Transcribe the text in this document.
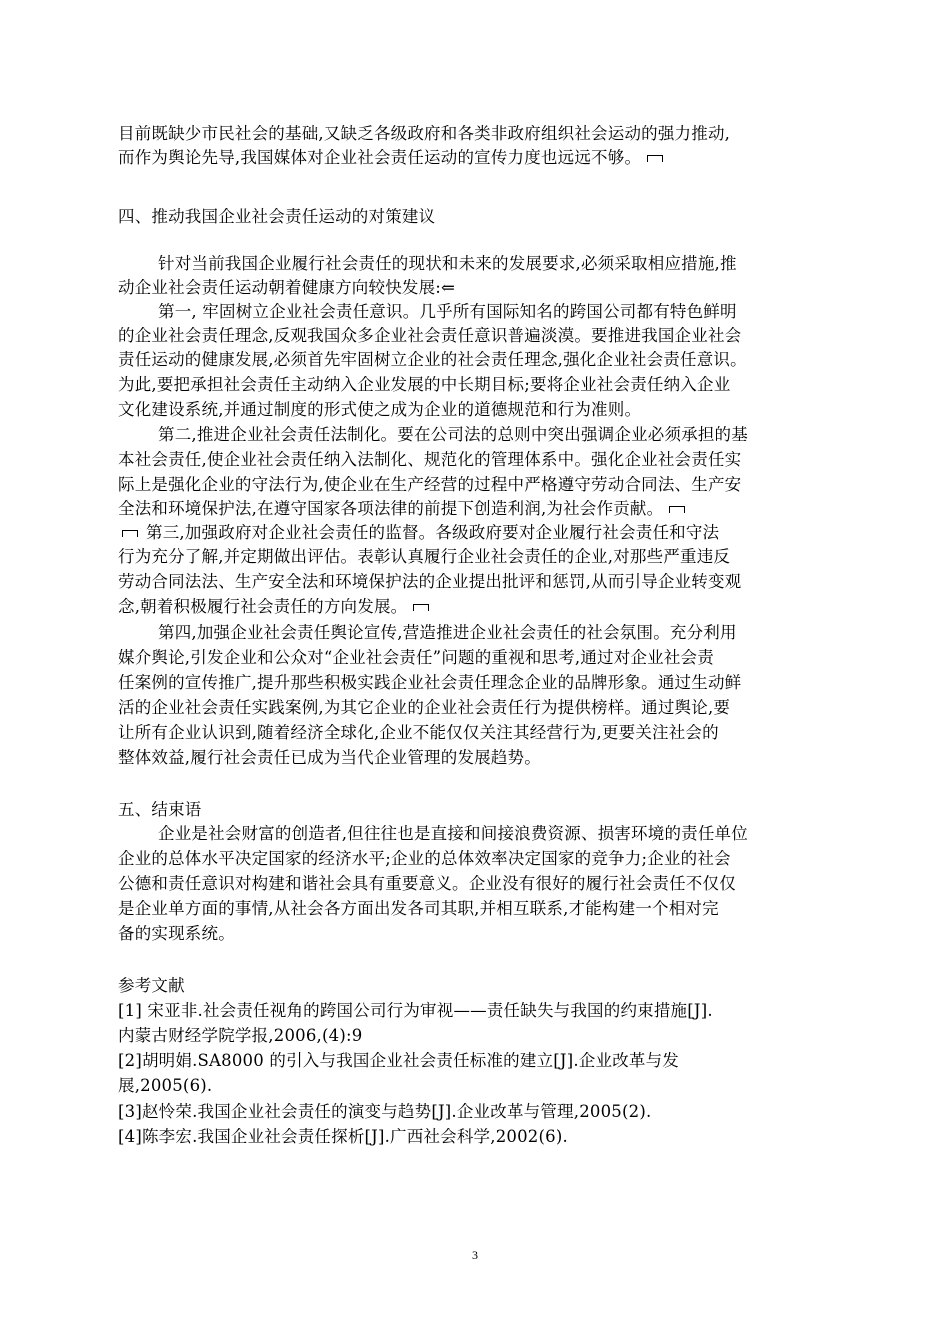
目前既缺少市民社会的基础,又缺乏各级政府和各类非政府组织社会运动的强力推动,
而作为舆论先导,我国媒体对企业社会责任运动的宣传力度也远远不够。
四、推动我国企业社会责任运动的对策建议
针对当前我国企业履行社会责任的现状和未来的发展要求,必须采取相应措施,推
动企业社会责任运动朝着健康方向较快发展:⇐
第一, 牢固树立企业社会责任意识。几乎所有国际知名的跨国公司都有特色鲜明
的企业社会责任理念,反观我国众多企业社会责任意识普遍淡漠。要推进我国企业社会
责任运动的健康发展,必须首先牢固树立企业的社会责任理念,强化企业社会责任意识。
为此,要把承担社会责任主动纳入企业发展的中长期目标;要将企业社会责任纳入企业
文化建设系统,并通过制度的形式使之成为企业的道德规范和行为准则。
第二,推进企业社会责任法制化。要在公司法的总则中突出强调企业必须承担的基
本社会责任,使企业社会责任纳入法制化、规范化的管理体系中。强化企业社会责任实
际上是强化企业的守法行为,使企业在生产经营的过程中严格遵守劳动合同法、生产安
全法和环境保护法,在遵守国家各项法律的前提下创造利润,为社会作贡献。
第三,加强政府对企业社会责任的监督。各级政府要对企业履行社会责任和守法
行为充分了解,并定期做出评估。表彰认真履行企业社会责任的企业,对那些严重违反
劳动合同法法、生产安全法和环境保护法的企业提出批评和惩罚,从而引导企业转变观
念,朝着积极履行社会责任的方向发展。
第四,加强企业社会责任舆论宣传,营造推进企业社会责任的社会氛围。充分利用
媒介舆论,引发企业和公众对“企业社会责任”问题的重视和思考,通过对企业社会责
任案例的宣传推广,提升那些积极实践企业社会责任理念企业的品牌形象。通过生动鲜
活的企业社会责任实践案例,为其它企业的企业社会责任行为提供榜样。通过舆论,要
让所有企业认识到,随着经济全球化,企业不能仅仅关注其经营行为,更要关注社会的
整体效益,履行社会责任已成为当代企业管理的发展趋势。
五、结束语
企业是社会财富的创造者,但往往也是直接和间接浪费资源、损害环境的责任单位
企业的总体水平决定国家的经济水平;企业的总体效率决定国家的竞争力;企业的社会
公德和责任意识对构建和谐社会具有重要意义。企业没有很好的履行社会责任不仅仅
是企业单方面的事情,从社会各方面出发各司其职,并相互联系,才能构建一个相对完
备的实现系统。
参考文献
[1] 宋亚非.社会责任视角的跨国公司行为审视——责任缺失与我国的约束措施[J].
内蒙古财经学院学报,2006,(4):9
[2]胡明娟.SA8000 的引入与我国企业社会责任标准的建立[J].企业改革与发
展,2005(6).
[3]赵怜荣.我国企业社会责任的演变与趋势[J].企业改革与管理,2005(2).
[4]陈李宏.我国企业社会责任探析[J].广西社会科学,2002(6).
3
